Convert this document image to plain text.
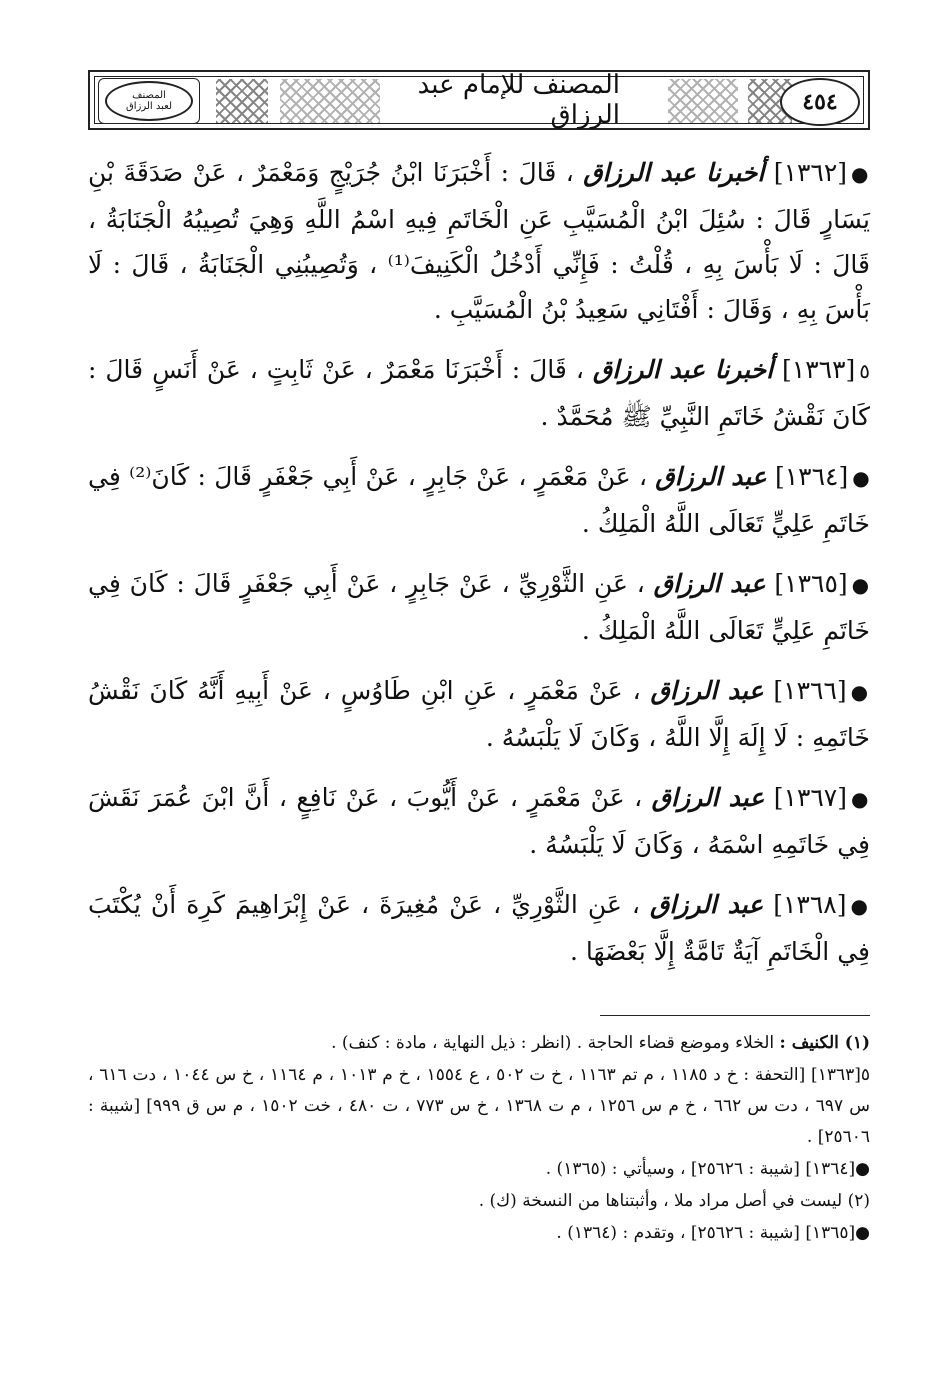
المصنف
لعبد الرزاق
المصنف للإمام عبد الرزاق	٤٥٤

●[١٣٦٢] أخبرنا عبد الرزاق ، قَالَ : أَخْبَرَنَا ابْنُ جُرَيْجٍ وَمَعْمَرٌ ، عَنْ صَدَقَةَ بْنِ يَسَارٍ قَالَ : سُئِلَ ابْنُ الْمُسَيَّبِ عَنِ الْخَاتَمِ فِيهِ اسْمُ اللَّهِ وَهِيَ تُصِيبُهُ الْجَنَابَةُ ، قَالَ : لَا بَأْسَ بِهِ ، قُلْتُ : فَإِنِّي أَدْخُلُ الْكَنِيفَ⁽¹⁾ ، وَتُصِيبُنِي الْجَنَابَةُ ، قَالَ : لَا بَأْسَ بِهِ ، وَقَالَ : أَفْتَانِي سَعِيدُ بْنُ الْمُسَيَّبِ .

٥[١٣٦٣] أخبرنا عبد الرزاق ، قَالَ : أَخْبَرَنَا مَعْمَرٌ ، عَنْ ثَابِتٍ ، عَنْ أَنَسٍ قَالَ : كَانَ نَقْشُ خَاتَمِ النَّبِيِّ ﷺ مُحَمَّدٌ .

●[١٣٦٤] عبد الرزاق ، عَنْ مَعْمَرٍ ، عَنْ جَابِرٍ ، عَنْ أَبِي جَعْفَرٍ قَالَ : كَانَ⁽²⁾ فِي خَاتَمِ عَلِيٍّ تَعَالَى اللَّهُ الْمَلِكُ .

●[١٣٦٥] عبد الرزاق ، عَنِ الثَّوْرِيِّ ، عَنْ جَابِرٍ ، عَنْ أَبِي جَعْفَرٍ قَالَ : كَانَ فِي خَاتَمِ عَلِيٍّ تَعَالَى اللَّهُ الْمَلِكُ .

●[١٣٦٦] عبد الرزاق ، عَنْ مَعْمَرٍ ، عَنِ ابْنِ طَاوُسٍ ، عَنْ أَبِيهِ أَنَّهُ كَانَ نَقْشُ خَاتَمِهِ : لَا إِلَهَ إِلَّا اللَّهُ ، وَكَانَ لَا يَلْبَسُهُ .

●[١٣٦٧] عبد الرزاق ، عَنْ مَعْمَرٍ ، عَنْ أَيُّوبَ ، عَنْ نَافِعٍ ، أَنَّ ابْنَ عُمَرَ نَقَشَ فِي خَاتَمِهِ اسْمَهُ ، وَكَانَ لَا يَلْبَسُهُ .

●[١٣٦٨] عبد الرزاق ، عَنِ الثَّوْرِيِّ ، عَنْ مُغِيرَةَ ، عَنْ إِبْرَاهِيمَ كَرِهَ أَنْ يُكْتَبَ فِي الْخَاتَمِ آيَةٌ تَامَّةٌ إِلَّا بَعْضَهَا .

(١) الكنيف : الخلاء وموضع قضاء الحاجة . (انظر : ذيل النهاية ، مادة : كنف) .

٥[١٣٦٣] [التحفة : خ د ١١٨٥ ، م تم ١١٦٣ ، خ ت ٥٠٢ ، ع ١٥٥٤ ، خ م ١٠١٣ ، م ١١٦٤ ، خ س ١٠٤٤ ، دت ٦١٦ ، س ٦٩٧ ، دت س ٦٦٢ ، خ م س ١٢٥٦ ، م ت ١٣٦٨ ، خ س ٧٧٣ ، ت ٤٨٠ ، خت ١٥٠٢ ، م س ق ٩٩٩] [شيبة : ٢٥٦٠٦] .

●[١٣٦٤] [شيبة : ٢٥٦٢٦] ، وسيأتي : (١٣٦٥) .

(٢) ليست في أصل مراد ملا ، وأثبتناها من النسخة (ك) .

●[١٣٦٥] [شيبة : ٢٥٦٢٦] ، وتقدم : (١٣٦٤) .
